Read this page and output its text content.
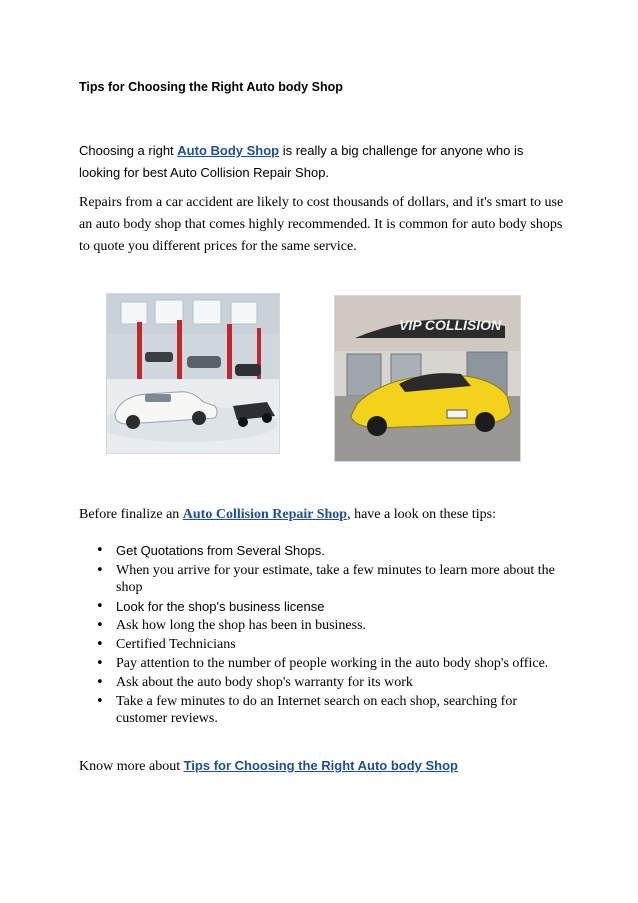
Tips for Choosing the Right Auto body Shop

Choosing a right Auto Body Shop is really a big challenge for anyone who is looking for best Auto Collision Repair Shop.

Repairs from a car accident are likely to cost thousands of dollars, and it's smart to use an auto body shop that comes highly recommended. It is common for auto body shops to quote you different prices for the same service.

VIP COLLISION

Before finalize an Auto Collision Repair Shop, have a look on these tips:

• Get Quotations from Several Shops.
• When you arrive for your estimate, take a few minutes to learn more about the shop
• Look for the shop's business license
• Ask how long the shop has been in business.
• Certified Technicians
• Pay attention to the number of people working in the auto body shop's office.
• Ask about the auto body shop's warranty for its work
• Take a few minutes to do an Internet search on each shop, searching for customer reviews.

Know more about Tips for Choosing the Right Auto body Shop
